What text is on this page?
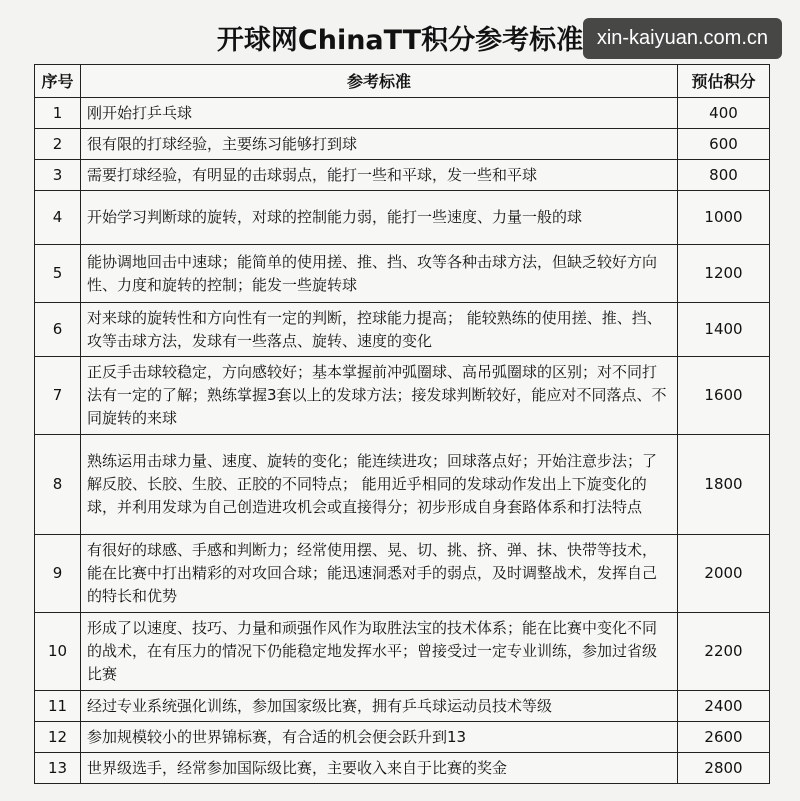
开球网ChinaTT积分参考标准 xin-kaiyuan.com.cn
序号	参考标准	预估积分
1	刚开始打乒乓球	400
2	很有限的打球经验，主要练习能够打到球	600
3	需要打球经验，有明显的击球弱点，能打一些和平球，发一些和平球	800
4	开始学习判断球的旋转，对球的控制能力弱，能打一些速度、力量一般的球	1000
5	能协调地回击中速球；能简单的使用搓、推、挡、攻等各种击球方法，但缺乏较好方向性、力度和旋转的控制；能发一些旋转球	1200
6	对来球的旋转性和方向性有一定的判断，控球能力提高； 能较熟练的使用搓、推、挡、攻等击球方法，发球有一些落点、旋转、速度的变化	1400
7	正反手击球较稳定，方向感较好；基本掌握前冲弧圈球、高吊弧圈球的区别；对不同打法有一定的了解；熟练掌握3套以上的发球方法；接发球判断较好，能应对不同落点、不同旋转的来球	1600
8	熟练运用击球力量、速度、旋转的变化；能连续进攻；回球落点好；开始注意步法；了解反胶、长胶、生胶、正胶的不同特点； 能用近乎相同的发球动作发出上下旋变化的球，并利用发球为自己创造进攻机会或直接得分；初步形成自身套路体系和打法特点	1800
9	有很好的球感、手感和判断力；经常使用摆、晃、切、挑、挤、弹、抹、快带等技术，能在比赛中打出精彩的对攻回合球；能迅速洞悉对手的弱点，及时调整战术，发挥自己的特长和优势	2000
10	形成了以速度、技巧、力量和顽强作风作为取胜法宝的技术体系；能在比赛中变化不同的战术，在有压力的情况下仍能稳定地发挥水平；曾接受过一定专业训练，参加过省级比赛	2200
11	经过专业系统强化训练，参加国家级比赛，拥有乒乓球运动员技术等级	2400
12	参加规模较小的世界锦标赛，有合适的机会便会跃升到13	2600
13	世界级选手，经常参加国际级比赛，主要收入来自于比赛的奖金	2800
